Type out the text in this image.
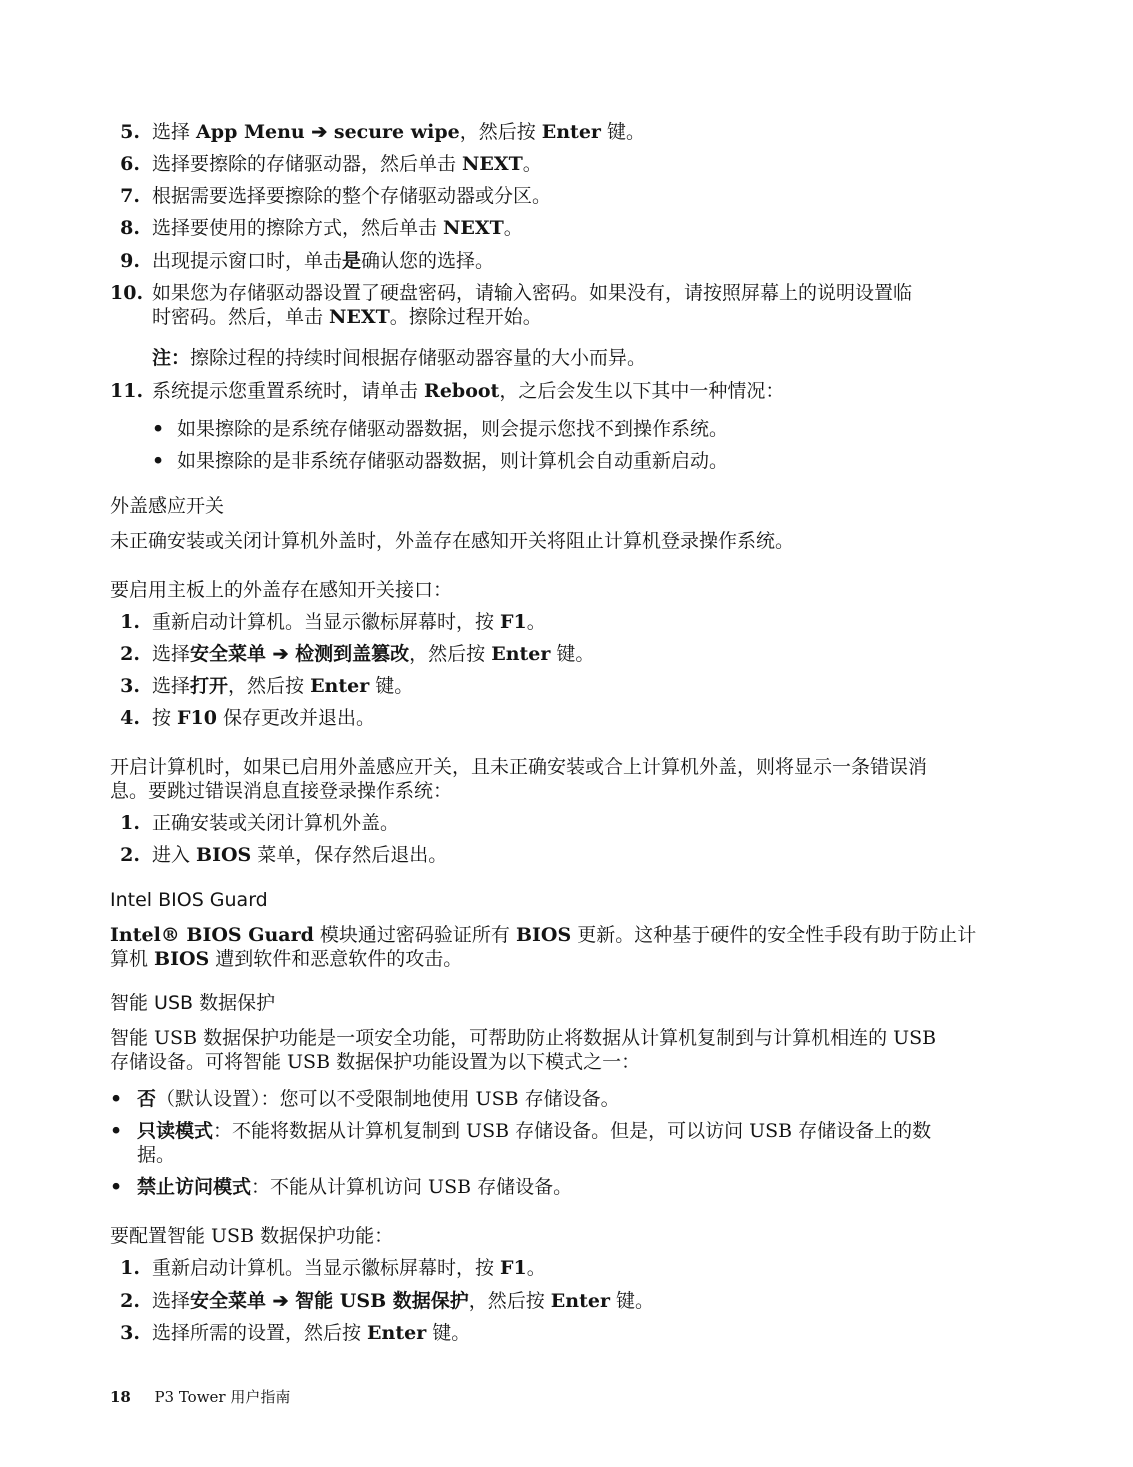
5. 选择 App Menu ➔ secure wipe，然后按 Enter 键。
6. 选择要擦除的存储驱动器，然后单击 NEXT。
7. 根据需要选择要擦除的整个存储驱动器或分区。
8. 选择要使用的擦除方式，然后单击 NEXT。
9. 出现提示窗口时，单击是确认您的选择。
10. 如果您为存储驱动器设置了硬盘密码，请输入密码。如果没有，请按照屏幕上的说明设置临
时密码。然后，单击 NEXT。擦除过程开始。
注：擦除过程的持续时间根据存储驱动器容量的大小而异。
11. 系统提示您重置系统时，请单击 Reboot，之后会发生以下其中一种情况：
• 如果擦除的是系统存储驱动器数据，则会提示您找不到操作系统。
• 如果擦除的是非系统存储驱动器数据，则计算机会自动重新启动。
外盖感应开关
未正确安装或关闭计算机外盖时，外盖存在感知开关将阻止计算机登录操作系统。
要启用主板上的外盖存在感知开关接口：
1. 重新启动计算机。当显示徽标屏幕时，按 F1。
2. 选择安全菜单 ➔ 检测到盖篡改，然后按 Enter 键。
3. 选择打开，然后按 Enter 键。
4. 按 F10 保存更改并退出。
开启计算机时，如果已启用外盖感应开关，且未正确安装或合上计算机外盖，则将显示一条错误消
息。要跳过错误消息直接登录操作系统：
1. 正确安装或关闭计算机外盖。
2. 进入 BIOS 菜单，保存然后退出。
Intel BIOS Guard
Intel® BIOS Guard 模块通过密码验证所有 BIOS 更新。这种基于硬件的安全性手段有助于防止计
算机 BIOS 遭到软件和恶意软件的攻击。
智能 USB 数据保护
智能 USB 数据保护功能是一项安全功能，可帮助防止将数据从计算机复制到与计算机相连的 USB
存储设备。可将智能 USB 数据保护功能设置为以下模式之一：
• 否（默认设置）：您可以不受限制地使用 USB 存储设备。
• 只读模式：不能将数据从计算机复制到 USB 存储设备。但是，可以访问 USB 存储设备上的数
据。
• 禁止访问模式：不能从计算机访问 USB 存储设备。
要配置智能 USB 数据保护功能：
1. 重新启动计算机。当显示徽标屏幕时，按 F1。
2. 选择安全菜单 ➔ 智能 USB 数据保护，然后按 Enter 键。
3. 选择所需的设置，然后按 Enter 键。
18 P3 Tower 用户指南
